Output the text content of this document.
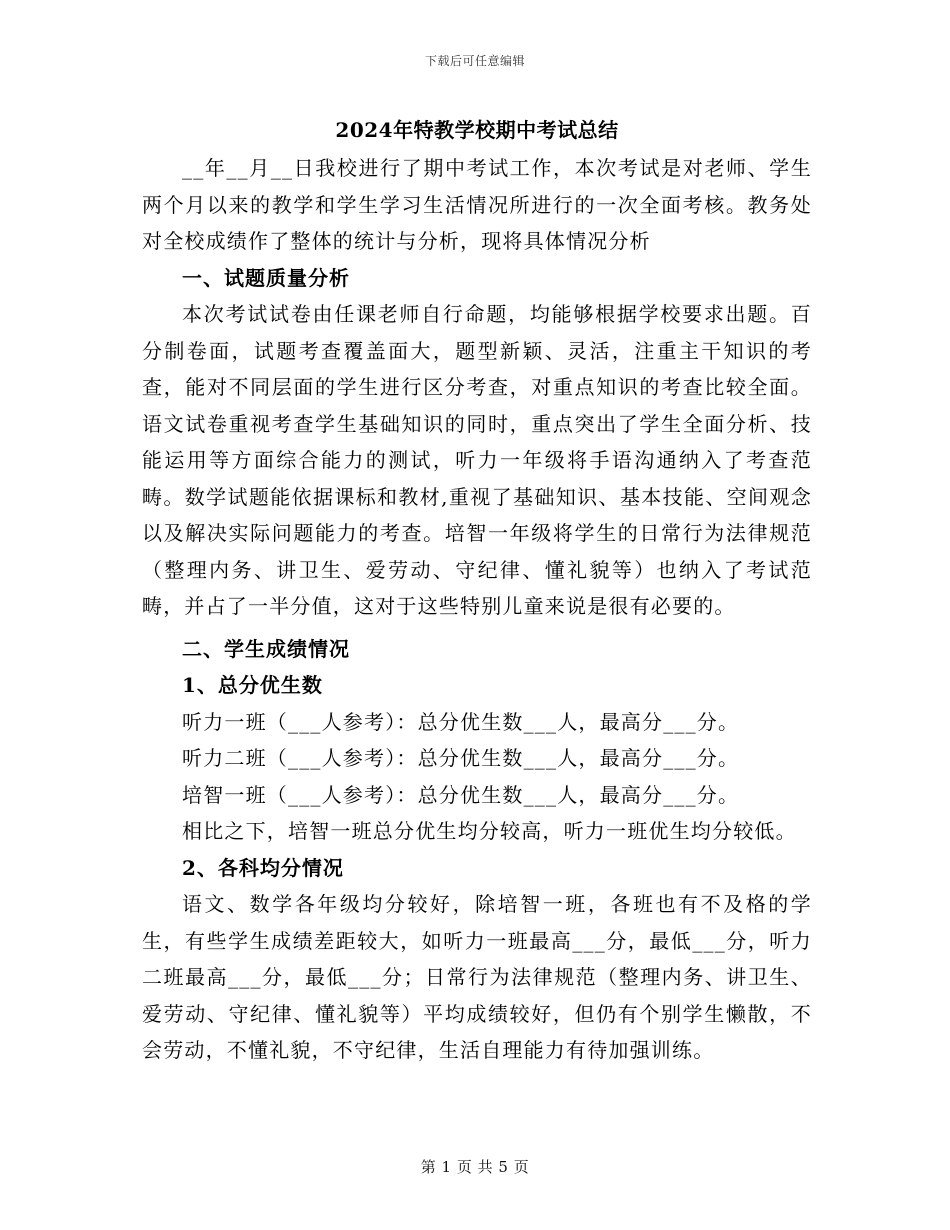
下载后可任意编辑
2024年特教学校期中考试总结

__年__月__日我校进行了期中考试工作，本次考试是对老师、学生两个月以来的教学和学生学习生活情况所进行的一次全面考核。教务处对全校成绩作了整体的统计与分析，现将具体情况分析

一、试题质量分析

本次考试试卷由任课老师自行命题，均能够根据学校要求出题。百分制卷面，试题考查覆盖面大，题型新颖、灵活，注重主干知识的考查，能对不同层面的学生进行区分考查，对重点知识的考查比较全面。语文试卷重视考查学生基础知识的同时，重点突出了学生全面分析、技能运用等方面综合能力的测试，听力一年级将手语沟通纳入了考查范畴。数学试题能依据课标和教材,重视了基础知识、基本技能、空间观念以及解决实际问题能力的考查。培智一年级将学生的日常行为法律规范（整理内务、讲卫生、爱劳动、守纪律、懂礼貌等）也纳入了考试范畴，并占了一半分值，这对于这些特别儿童来说是很有必要的。

二、学生成绩情况

1、总分优生数

听力一班（___人参考）：总分优生数___人，最高分___分。

听力二班（___人参考）：总分优生数___人，最高分___分。

培智一班（___人参考）：总分优生数___人，最高分___分。

相比之下，培智一班总分优生均分较高，听力一班优生均分较低。

2、各科均分情况

语文、数学各年级均分较好，除培智一班，各班也有不及格的学生，有些学生成绩差距较大，如听力一班最高___分，最低___分，听力二班最高___分，最低___分；日常行为法律规范（整理内务、讲卫生、爱劳动、守纪律、懂礼貌等）平均成绩较好，但仍有个别学生懒散，不会劳动，不懂礼貌，不守纪律，生活自理能力有待加强训练。

第 1 页 共 5 页
